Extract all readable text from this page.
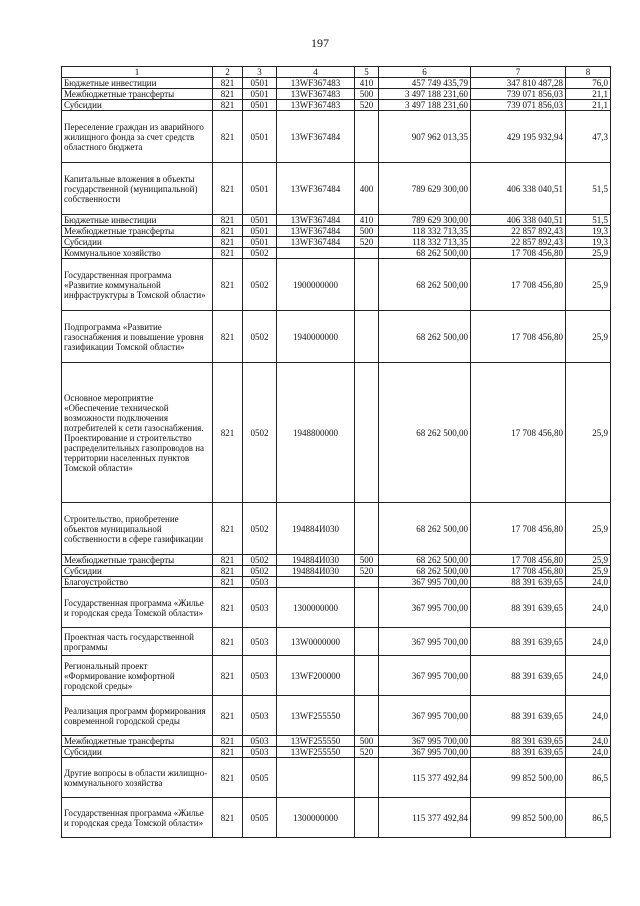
197
1	2	3	4	5	6	7	8
Бюджетные инвестиции	821	0501	13WF367483	410	457 749 435,79	347 810 487,28	76,0
Межбюджетные трансферты	821	0501	13WF367483	500	3 497 188 231,60	739 071 856,03	21,1
Субсидии	821	0501	13WF367483	520	3 497 188 231,60	739 071 856,03	21,1
Переселение граждан из аварийного жилищного фонда за счет средств областного бюджета	821	0501	13WF367484		907 962 013,35	429 195 932,94	47,3
Капитальные вложения в объекты государственной (муниципальной) собственности	821	0501	13WF367484	400	789 629 300,00	406 338 040,51	51,5
Бюджетные инвестиции	821	0501	13WF367484	410	789 629 300,00	406 338 040,51	51,5
Межбюджетные трансферты	821	0501	13WF367484	500	118 332 713,35	22 857 892,43	19,3
Субсидии	821	0501	13WF367484	520	118 332 713,35	22 857 892,43	19,3
Коммунальное хозяйство	821	0502			68 262 500,00	17 708 456,80	25,9
Государственная программа «Развитие коммунальной инфраструктуры в Томской области»	821	0502	1900000000		68 262 500,00	17 708 456,80	25,9
Подпрограмма «Развитие газоснабжения и повышение уровня газификации Томской области»	821	0502	1940000000		68 262 500,00	17 708 456,80	25,9
Основное мероприятие «Обеспечение технической возможности подключения потребителей к сети газоснабжения. Проектирование и строительство распределительных газопроводов на территории населенных пунктов Томской области»	821	0502	1948800000		68 262 500,00	17 708 456,80	25,9
Строительство, приобретение объектов муниципальной собственности в сфере газификации	821	0502	194884И030		68 262 500,00	17 708 456,80	25,9
Межбюджетные трансферты	821	0502	194884И030	500	68 262 500,00	17 708 456,80	25,9
Субсидии	821	0502	194884И030	520	68 262 500,00	17 708 456,80	25,9
Благоустройство	821	0503			367 995 700,00	88 391 639,65	24,0
Государственная программа «Жилье и городская среда Томской области»	821	0503	1300000000		367 995 700,00	88 391 639,65	24,0
Проектная часть государственной программы	821	0503	13W0000000		367 995 700,00	88 391 639,65	24,0
Региональный проект «Формирование комфортной городской среды»	821	0503	13WF200000		367 995 700,00	88 391 639,65	24,0
Реализация программ формирования современной городской среды	821	0503	13WF255550		367 995 700,00	88 391 639,65	24,0
Межбюджетные трансферты	821	0503	13WF255550	500	367 995 700,00	88 391 639,65	24,0
Субсидии	821	0503	13WF255550	520	367 995 700,00	88 391 639,65	24,0
Другие вопросы в области жилищно-коммунального хозяйства	821	0505			115 377 492,84	99 852 500,00	86,5
Государственная программа «Жилье и городская среда Томской области»	821	0505	1300000000		115 377 492,84	99 852 500,00	86,5
